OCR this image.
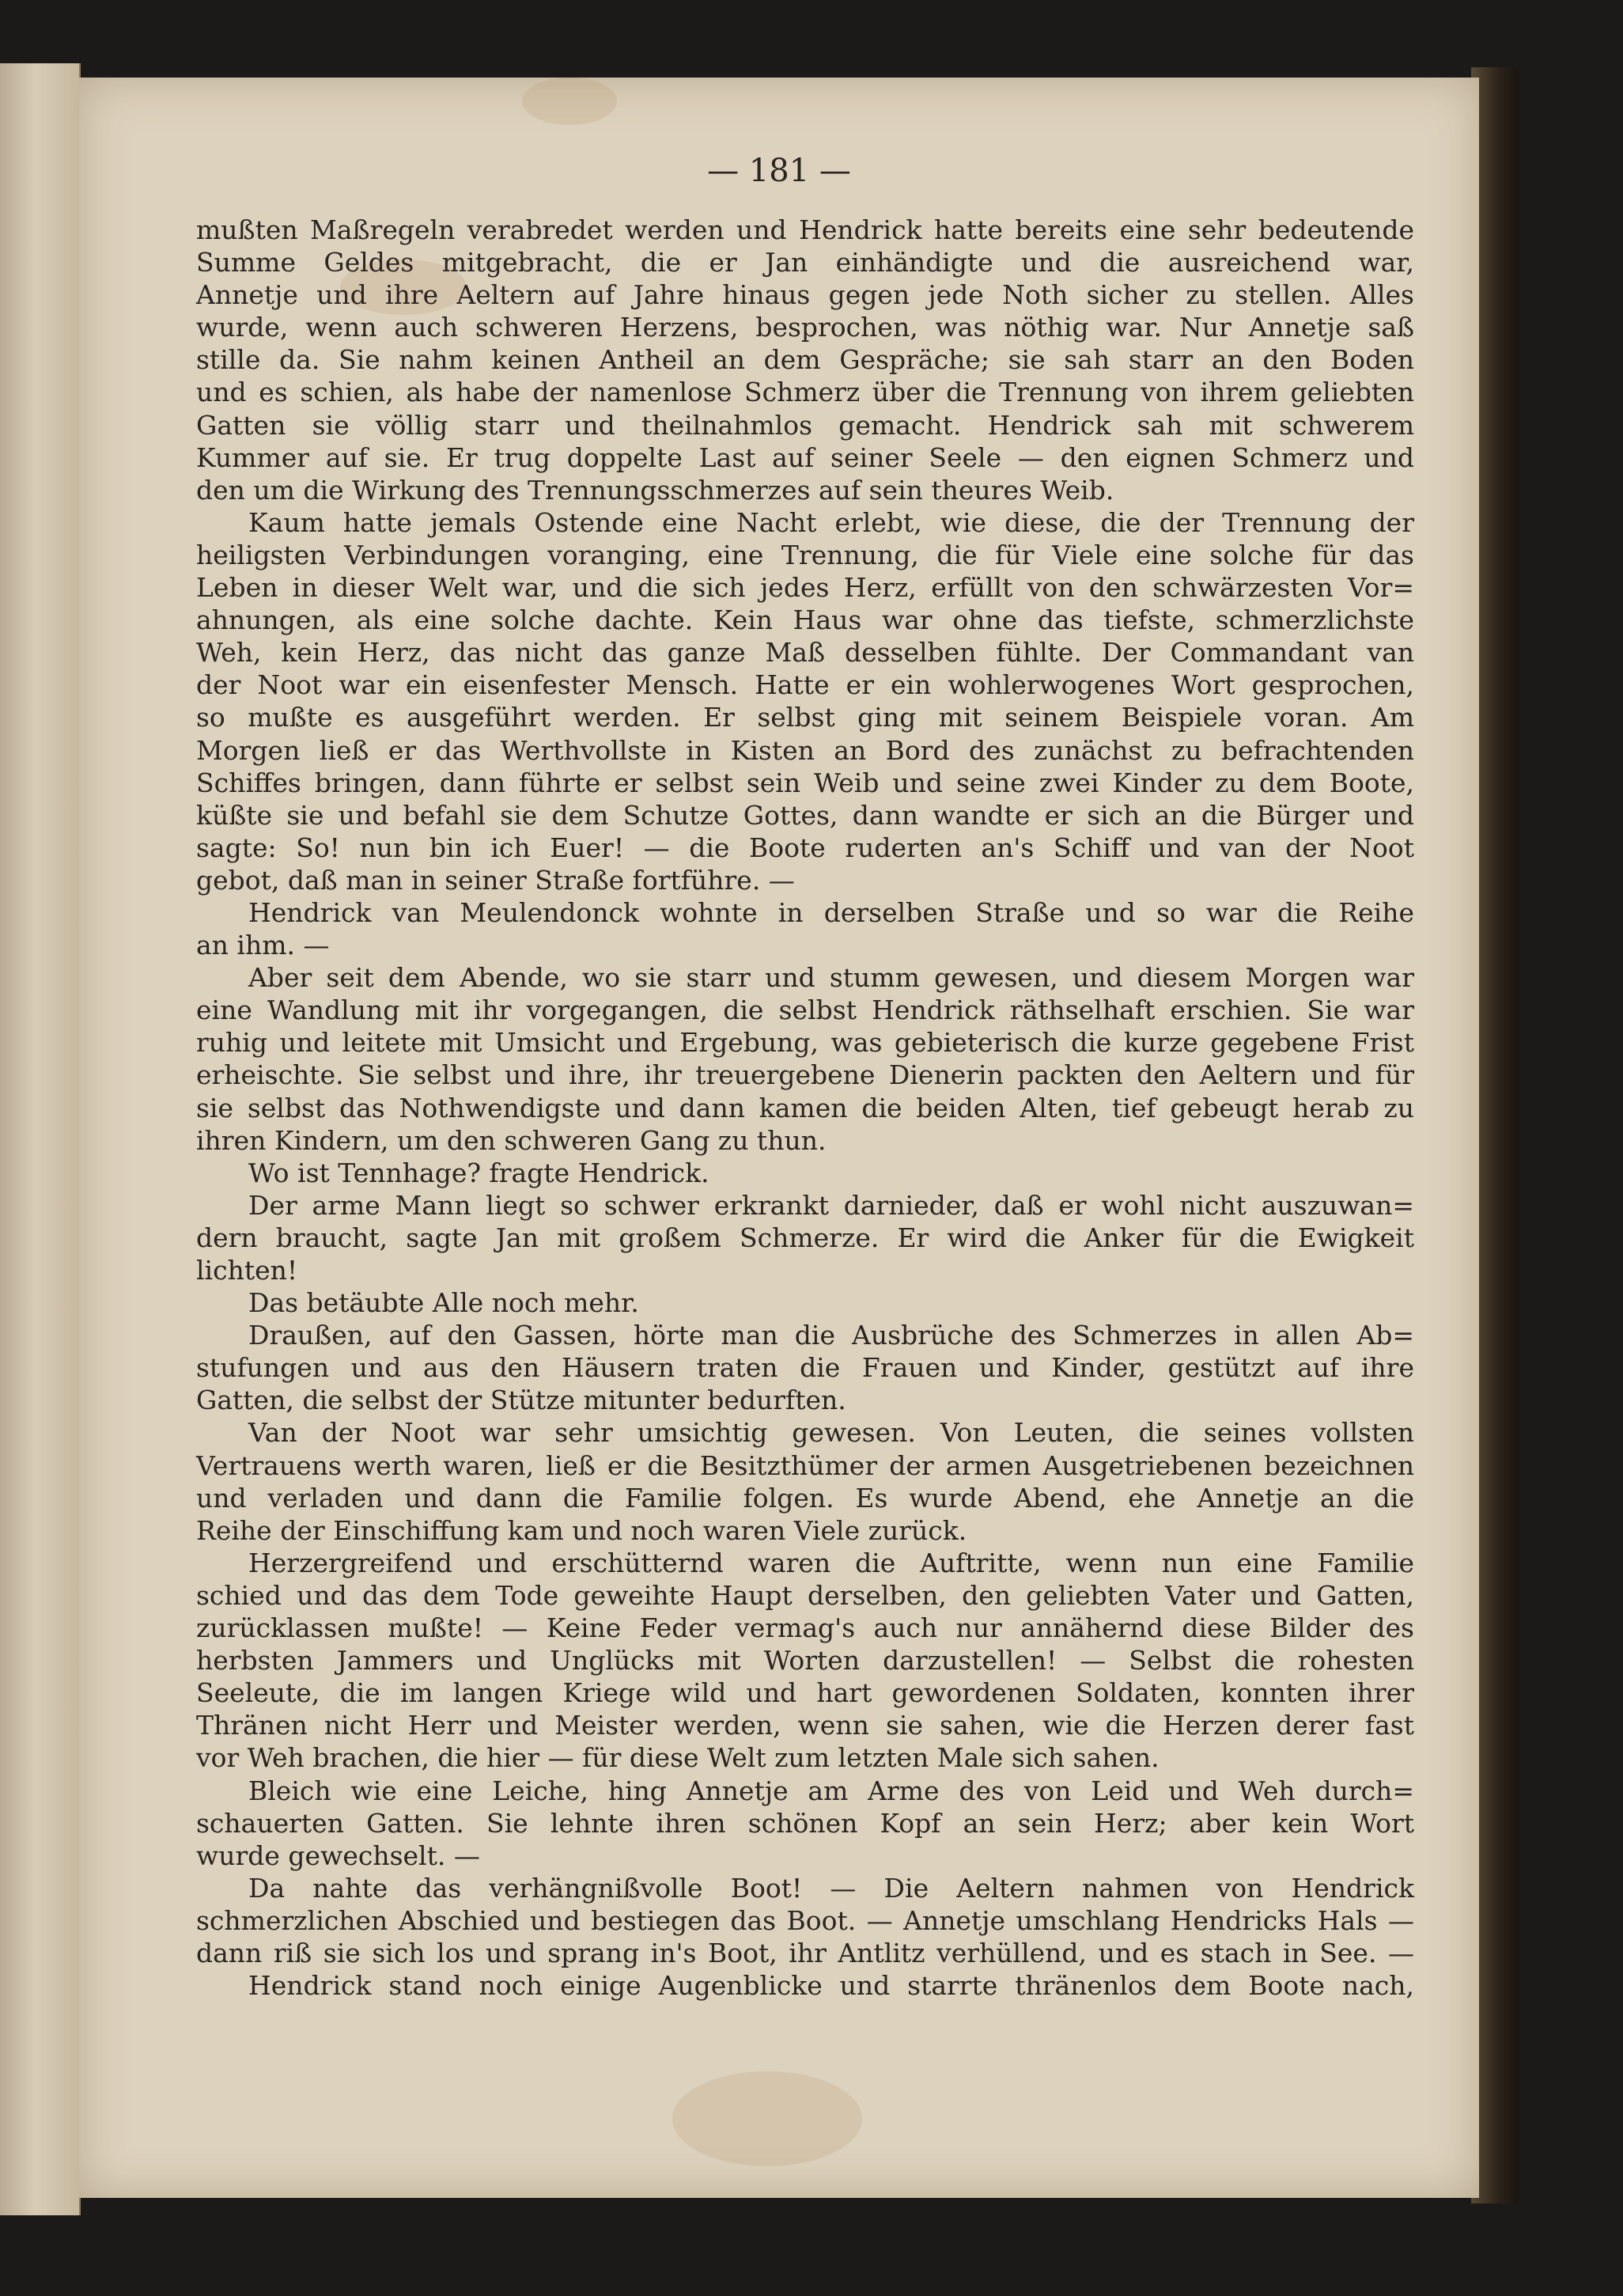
— 181 —
mußten Maßregeln verabredet werden und Hendrick hatte bereits eine sehr bedeutende
Summe Geldes mitgebracht, die er Jan einhändigte und die ausreichend war,
Annetje und ihre Aeltern auf Jahre hinaus gegen jede Noth sicher zu stellen. Alles
wurde, wenn auch schweren Herzens, besprochen, was nöthig war. Nur Annetje saß
stille da. Sie nahm keinen Antheil an dem Gespräche; sie sah starr an den Boden
und es schien, als habe der namenlose Schmerz über die Trennung von ihrem geliebten
Gatten sie völlig starr und theilnahmlos gemacht. Hendrick sah mit schwerem
Kummer auf sie. Er trug doppelte Last auf seiner Seele — den eignen Schmerz und
den um die Wirkung des Trennungsschmerzes auf sein theures Weib.
Kaum hatte jemals Ostende eine Nacht erlebt, wie diese, die der Trennung der
heiligsten Verbindungen voranging, eine Trennung, die für Viele eine solche für das
Leben in dieser Welt war, und die sich jedes Herz, erfüllt von den schwärzesten Vor=
ahnungen, als eine solche dachte. Kein Haus war ohne das tiefste, schmerzlichste
Weh, kein Herz, das nicht das ganze Maß desselben fühlte. Der Commandant van
der Noot war ein eisenfester Mensch. Hatte er ein wohlerwogenes Wort gesprochen,
so mußte es ausgeführt werden. Er selbst ging mit seinem Beispiele voran. Am
Morgen ließ er das Werthvollste in Kisten an Bord des zunächst zu befrachtenden
Schiffes bringen, dann führte er selbst sein Weib und seine zwei Kinder zu dem Boote,
küßte sie und befahl sie dem Schutze Gottes, dann wandte er sich an die Bürger und
sagte: So! nun bin ich Euer! — die Boote ruderten an's Schiff und van der Noot
gebot, daß man in seiner Straße fortführe. —
Hendrick van Meulendonck wohnte in derselben Straße und so war die Reihe
an ihm. —
Aber seit dem Abende, wo sie starr und stumm gewesen, und diesem Morgen war
eine Wandlung mit ihr vorgegangen, die selbst Hendrick räthselhaft erschien. Sie war
ruhig und leitete mit Umsicht und Ergebung, was gebieterisch die kurze gegebene Frist
erheischte. Sie selbst und ihre, ihr treuergebene Dienerin packten den Aeltern und für
sie selbst das Nothwendigste und dann kamen die beiden Alten, tief gebeugt herab zu
ihren Kindern, um den schweren Gang zu thun.
Wo ist Tennhage? fragte Hendrick.
Der arme Mann liegt so schwer erkrankt darnieder, daß er wohl nicht auszuwan=
dern braucht, sagte Jan mit großem Schmerze. Er wird die Anker für die Ewigkeit
lichten!
Das betäubte Alle noch mehr.
Draußen, auf den Gassen, hörte man die Ausbrüche des Schmerzes in allen Ab=
stufungen und aus den Häusern traten die Frauen und Kinder, gestützt auf ihre
Gatten, die selbst der Stütze mitunter bedurften.
Van der Noot war sehr umsichtig gewesen. Von Leuten, die seines vollsten
Vertrauens werth waren, ließ er die Besitzthümer der armen Ausgetriebenen bezeichnen
und verladen und dann die Familie folgen. Es wurde Abend, ehe Annetje an die
Reihe der Einschiffung kam und noch waren Viele zurück.
Herzergreifend und erschütternd waren die Auftritte, wenn nun eine Familie
schied und das dem Tode geweihte Haupt derselben, den geliebten Vater und Gatten,
zurücklassen mußte! — Keine Feder vermag's auch nur annähernd diese Bilder des
herbsten Jammers und Unglücks mit Worten darzustellen! — Selbst die rohesten
Seeleute, die im langen Kriege wild und hart gewordenen Soldaten, konnten ihrer
Thränen nicht Herr und Meister werden, wenn sie sahen, wie die Herzen derer fast
vor Weh brachen, die hier — für diese Welt zum letzten Male sich sahen.
Bleich wie eine Leiche, hing Annetje am Arme des von Leid und Weh durch=
schauerten Gatten. Sie lehnte ihren schönen Kopf an sein Herz; aber kein Wort
wurde gewechselt. —
Da nahte das verhängnißvolle Boot! — Die Aeltern nahmen von Hendrick
schmerzlichen Abschied und bestiegen das Boot. — Annetje umschlang Hendricks Hals —
dann riß sie sich los und sprang in's Boot, ihr Antlitz verhüllend, und es stach in See. —
Hendrick stand noch einige Augenblicke und starrte thränenlos dem Boote nach,
